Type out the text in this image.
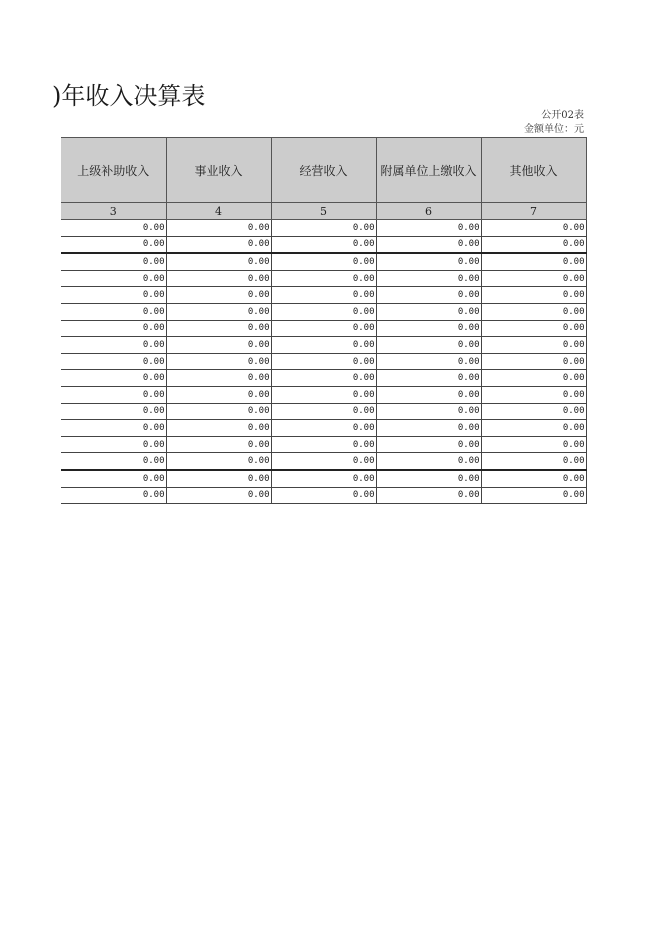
)年收入决算表
公开02表
金额单位：元
上级补助收入	事业收入	经营收入	附属单位上缴收入	其他收入
3	4	5	6	7
0.00	0.00	0.00	0.00	0.00
0.00	0.00	0.00	0.00	0.00
0.00	0.00	0.00	0.00	0.00
0.00	0.00	0.00	0.00	0.00
0.00	0.00	0.00	0.00	0.00
0.00	0.00	0.00	0.00	0.00
0.00	0.00	0.00	0.00	0.00
0.00	0.00	0.00	0.00	0.00
0.00	0.00	0.00	0.00	0.00
0.00	0.00	0.00	0.00	0.00
0.00	0.00	0.00	0.00	0.00
0.00	0.00	0.00	0.00	0.00
0.00	0.00	0.00	0.00	0.00
0.00	0.00	0.00	0.00	0.00
0.00	0.00	0.00	0.00	0.00
0.00	0.00	0.00	0.00	0.00
0.00	0.00	0.00	0.00	0.00
